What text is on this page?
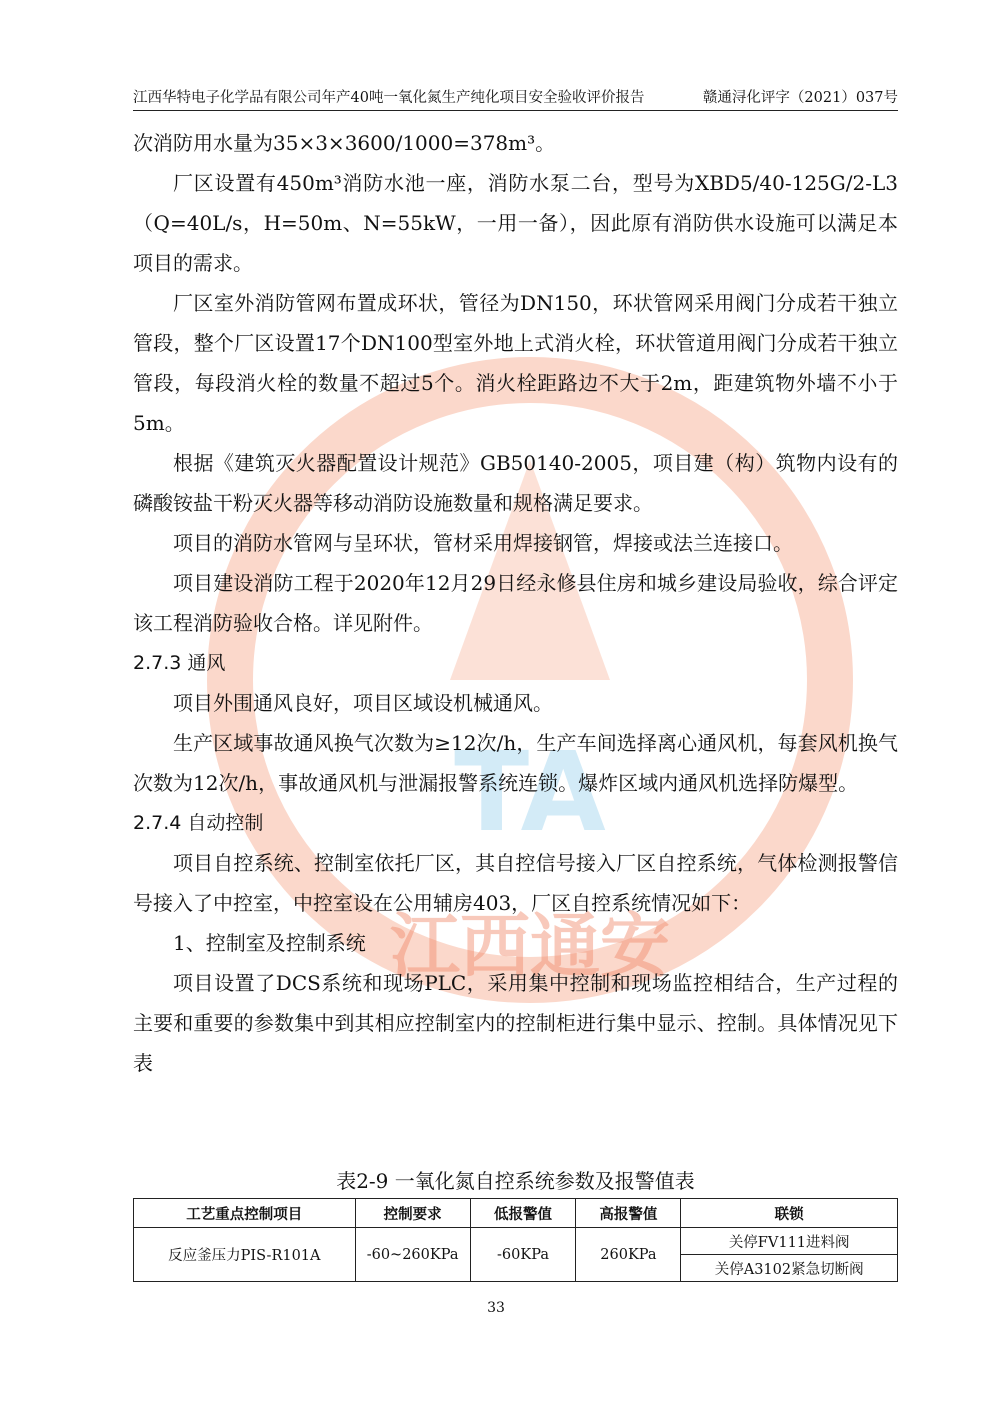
TA
江西通安
江西华特电子化学品有限公司年产40吨一氧化氮生产纯化项目安全验收评价报告	赣通浔化评字（2021）037号

次消防用水量为35×3×3600/1000=378m³。

厂区设置有450m³消防水池一座，消防水泵二台，型号为XBD5/40-125G/2-L3（Q=40L/s，H=50m、N=55kW，一用一备），因此原有消防供水设施可以满足本项目的需求。

厂区室外消防管网布置成环状，管径为DN150，环状管网采用阀门分成若干独立管段，整个厂区设置17个DN100型室外地上式消火栓，环状管道用阀门分成若干独立管段，每段消火栓的数量不超过5个。消火栓距路边不大于2m，距建筑物外墙不小于5m。

根据《建筑灭火器配置设计规范》GB50140-2005，项目建（构）筑物内设有的磷酸铵盐干粉灭火器等移动消防设施数量和规格满足要求。

项目的消防水管网与呈环状，管材采用焊接钢管，焊接或法兰连接口。

项目建设消防工程于2020年12月29日经永修县住房和城乡建设局验收，综合评定该工程消防验收合格。详见附件。

2.7.3 通风

项目外围通风良好，项目区域设机械通风。

生产区域事故通风换气次数为≥12次/h，生产车间选择离心通风机，每套风机换气次数为12次/h，事故通风机与泄漏报警系统连锁。爆炸区域内通风机选择防爆型。

2.7.4 自动控制

项目自控系统、控制室依托厂区，其自控信号接入厂区自控系统，气体检测报警信号接入了中控室，中控室设在公用辅房403，厂区自控系统情况如下：

1、控制室及控制系统

项目设置了DCS系统和现场PLC，采用集中控制和现场监控相结合，生产过程的主要和重要的参数集中到其相应控制室内的控制柜进行集中显示、控制。具体情况见下表

表2-9 一氧化氮自控系统参数及报警值表
工艺重点控制项目	控制要求	低报警值	高报警值	联锁
反应釜压力PIS-R101A	-60~260KPa	-60KPa	260KPa	关停FV111进料阀
				关停A3102紧急切断阀
33
